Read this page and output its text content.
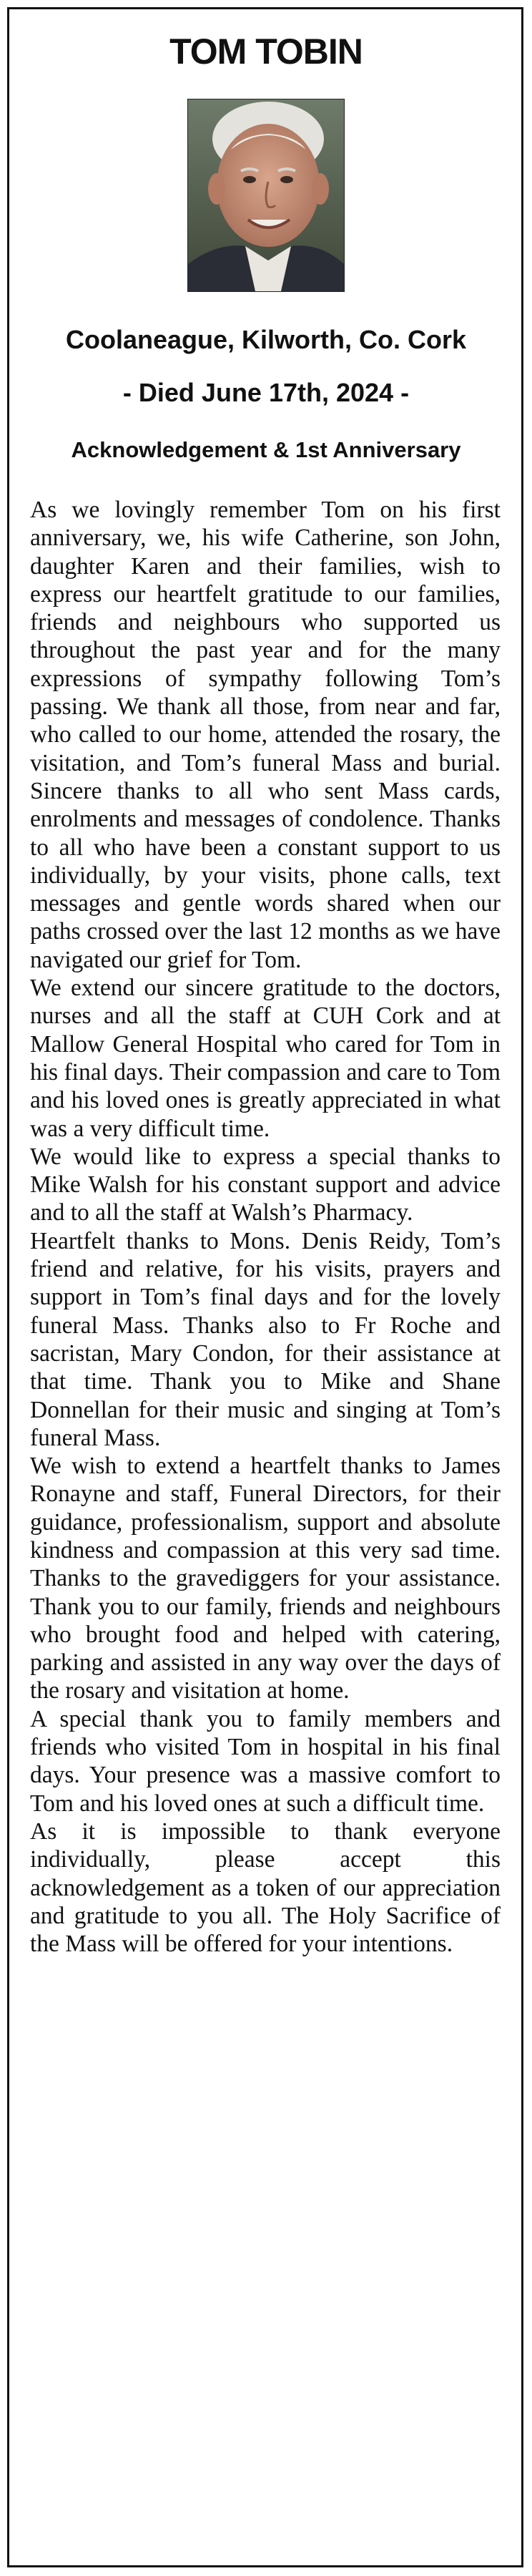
TOM TOBIN
Coolaneague, Kilworth, Co. Cork
- Died June 17th, 2024 -
Acknowledgement & 1st Anniversary

As we lovingly remember Tom on his first anniversary, we, his wife Catherine, son John, daughter Karen and their families, wish to express our heartfelt gratitude to our families, friends and neighbours who supported us throughout the past year and for the many expressions of sympathy following Tom’s passing. We thank all those, from near and far, who called to our home, attended the rosary, the visitation, and Tom’s funeral Mass and burial. Sincere thanks to all who sent Mass cards, enrolments and messages of condolence. Thanks to all who have been a constant support to us individually, by your visits, phone calls, text messages and gentle words shared when our paths crossed over the last 12 months as we have navigated our grief for Tom.

We extend our sincere gratitude to the doctors, nurses and all the staff at CUH Cork and at Mallow General Hospital who cared for Tom in his final days. Their compassion and care to Tom and his loved ones is greatly appreciated in what was a very difficult time.

We would like to express a special thanks to Mike Walsh for his constant support and advice and to all the staff at Walsh’s Pharmacy.

Heartfelt thanks to Mons. Denis Reidy, Tom’s friend and relative, for his visits, prayers and support in Tom’s final days and for the lovely funeral Mass. Thanks also to Fr Roche and sacristan, Mary Condon, for their assistance at that time. Thank you to Mike and Shane Donnellan for their music and singing at Tom’s funeral Mass.

We wish to extend a heartfelt thanks to James Ronayne and staff, Funeral Directors, for their guidance, professionalism, support and absolute kindness and compassion at this very sad time. Thanks to the gravediggers for your assistance. Thank you to our family, friends and neighbours who brought food and helped with catering, parking and assisted in any way over the days of the rosary and visitation at home.

A special thank you to family members and friends who visited Tom in hospital in his final days. Your presence was a massive comfort to Tom and his loved ones at such a difficult time.

As it is impossible to thank everyone individually, please accept this acknowledgement as a token of our appreciation and gratitude to you all. The Holy Sacrifice of the Mass will be offered for your intentions.
